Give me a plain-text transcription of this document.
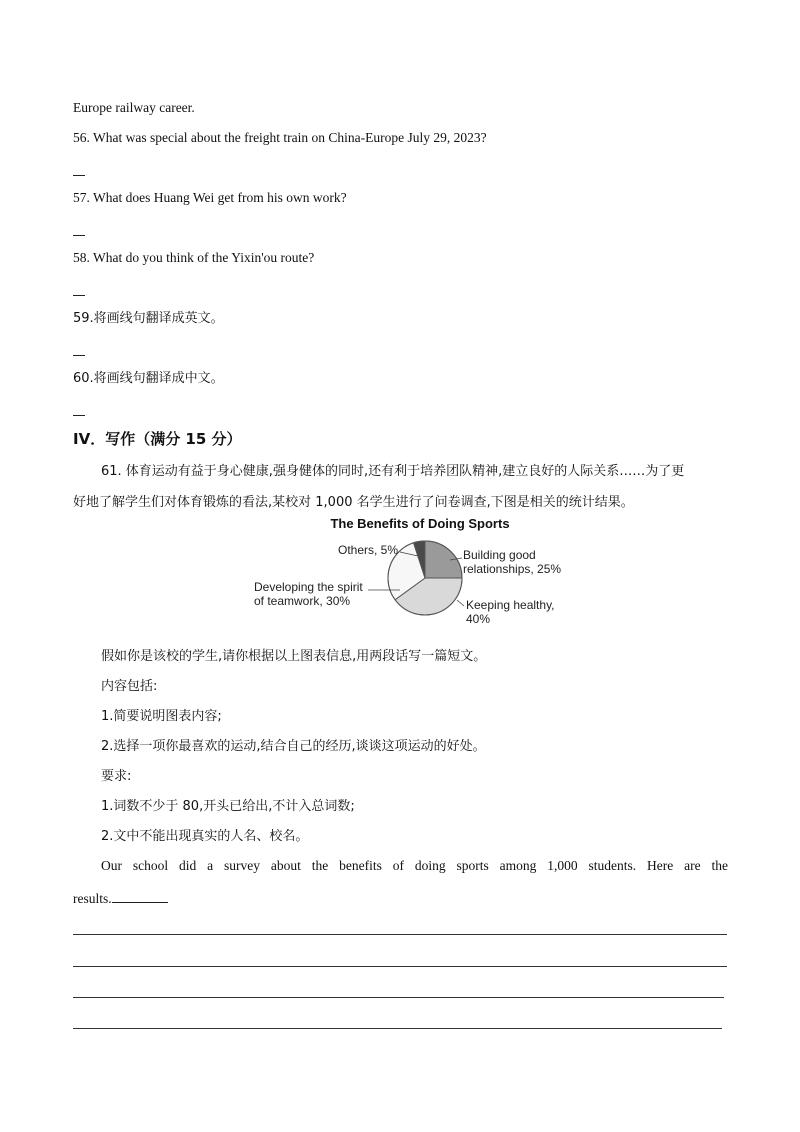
Europe railway career.
56. What was special about the freight train on China-Europe July 29, 2023?
57. What does Huang Wei get from his own work?
58. What do you think of the Yixin'ou route?
59.将画线句翻译成英文。
60.将画线句翻译成中文。
IV．写作（满分 15 分）
61. 体育运动有益于身心健康,强身健体的同时,还有利于培养团队精神,建立良好的人际关系……为了更
好地了解学生们对体育锻炼的看法,某校对 1,000 名学生进行了问卷调查,下图是相关的统计结果。
The Benefits of Doing Sports
Others, 5%	Building good
relationships, 25%
Developing the spirit
of teamwork, 30%	Keeping healthy,
40%
假如你是该校的学生,请你根据以上图表信息,用两段话写一篇短文。
内容包括:
1.简要说明图表内容;
2.选择一项你最喜欢的运动,结合自己的经历,谈谈这项运动的好处。
要求:
1.词数不少于 80,开头已给出,不计入总词数;
2.文中不能出现真实的人名、校名。
Our school did a survey about the benefits of doing sports among 1,000 students. Here are the
results.
